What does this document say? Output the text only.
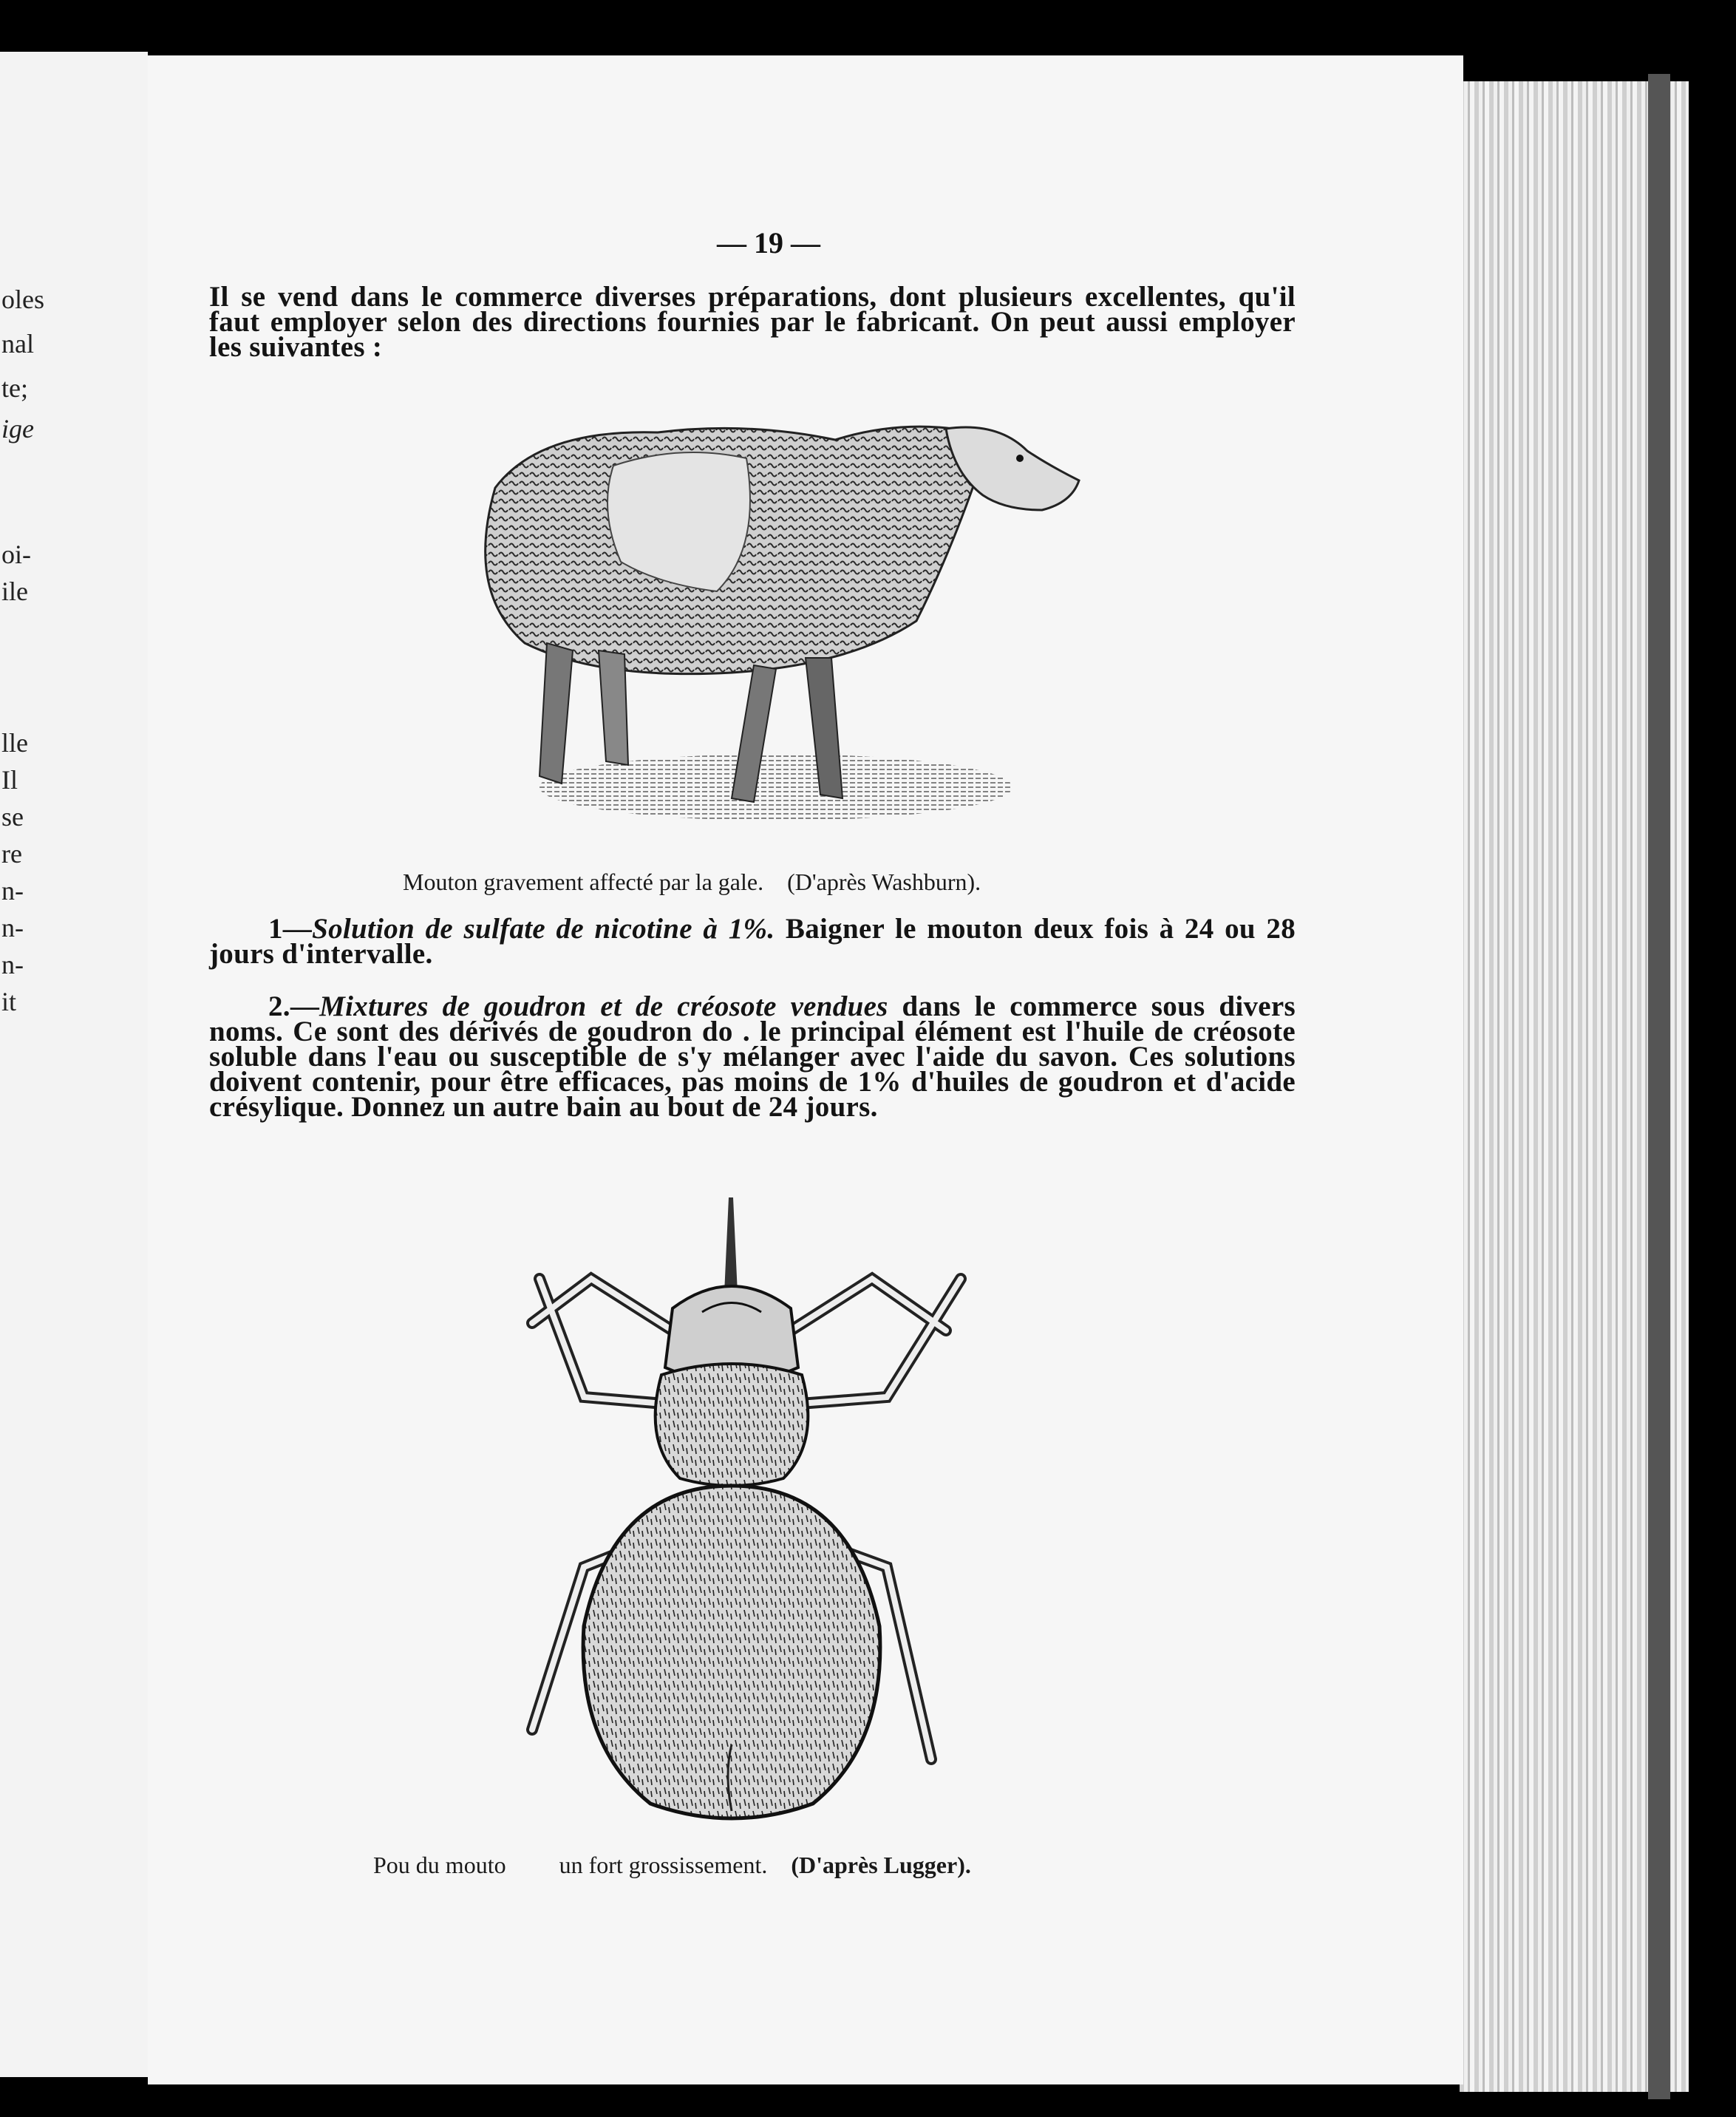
oles
nal
te;
ige
oi-
ile
lle
Il
se
re
n-
n-
n-
it
— 19 —

Il se vend dans le commerce diverses préparations, dont plusieurs excellentes, qu'il faut employer selon des directions fournies par le fabricant. On peut aussi employer les suivantes :

Mouton gravement affecté par la gale. (D'après Washburn).

1—Solution de sulfate de nicotine à 1%. Baigner le mouton deux fois à 24 ou 28 jours d'intervalle.

2.—Mixtures de goudron et de créosote vendues dans le commerce sous divers noms. Ce sont des dérivés de goudron do . le principal élément est l'huile de créosote soluble dans l'eau ou susceptible de s'y mélanger avec l'aide du savon. Ces solutions doivent contenir, pour être efficaces, pas moins de 1% d'huiles de goudron et d'acide crésylique. Donnez un autre bain au bout de 24 jours.

Pou du mouto un fort grossissement. (D'après Lugger).
